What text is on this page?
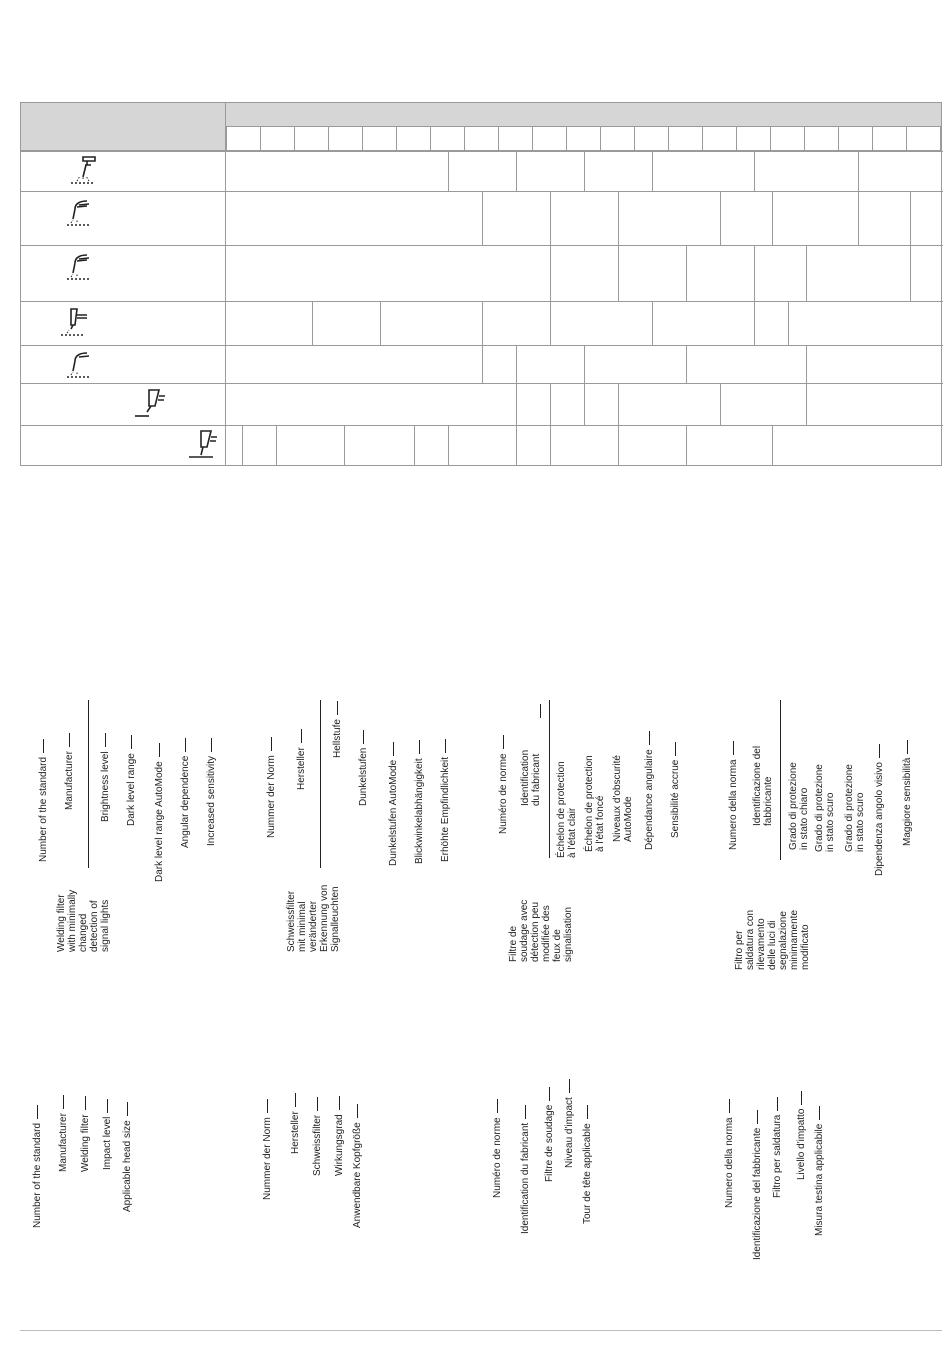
Number of the standard Manufacturer	Brightness level Dark level range Dark level range AutoMode Angular dependence Increased sensitivity
Welding filter
with minimally
changed
detection of
signal lights
Nummer der Norm Hersteller
Hellstufe
Dunkelstufen Dunkelstufen AutoMode Blickwinkelabhängigkeit Erhöhte Empfindlichkeit
Schweissfilter
mit minimal
veränderter
Erkennung von
Signalleuchten
Numéro de norme Identification
du fabricant
Échelon de protection
à l'état clair Échelon de protection
à l'état foncé Niveaux d'obscurité
AutoMode Dépendance angulaire Sensibilité accrue
Filtre de
soudage avec
détection peu
modifiée des
feux de
signalisation
Numero della norma Identificazione del
fabbricante
Grado di protezione
in stato chiaro
Grado di protezione
in stato scuro
Grado di protezione
in stato scuro Dipendenza angolo visivo Maggiore sensibilità
Filtro per
saldatura con
rilevamento
delle luci di
segnalazione
minimamente
modificato
Number of the standard Manufacturer Welding filter Impact level Applicable head size	Nummer der Norm Hersteller Schweissfilter Wirkungsgrad Anwendbare Kopfgröße	Numéro de norme Identification du fabricant Filtre de soudage Niveau d'impact Tour de tête applicable	Numero della norma Identificazione del fabbricante Filtro per saldatura Livello d'impatto Misura testina applicabile
